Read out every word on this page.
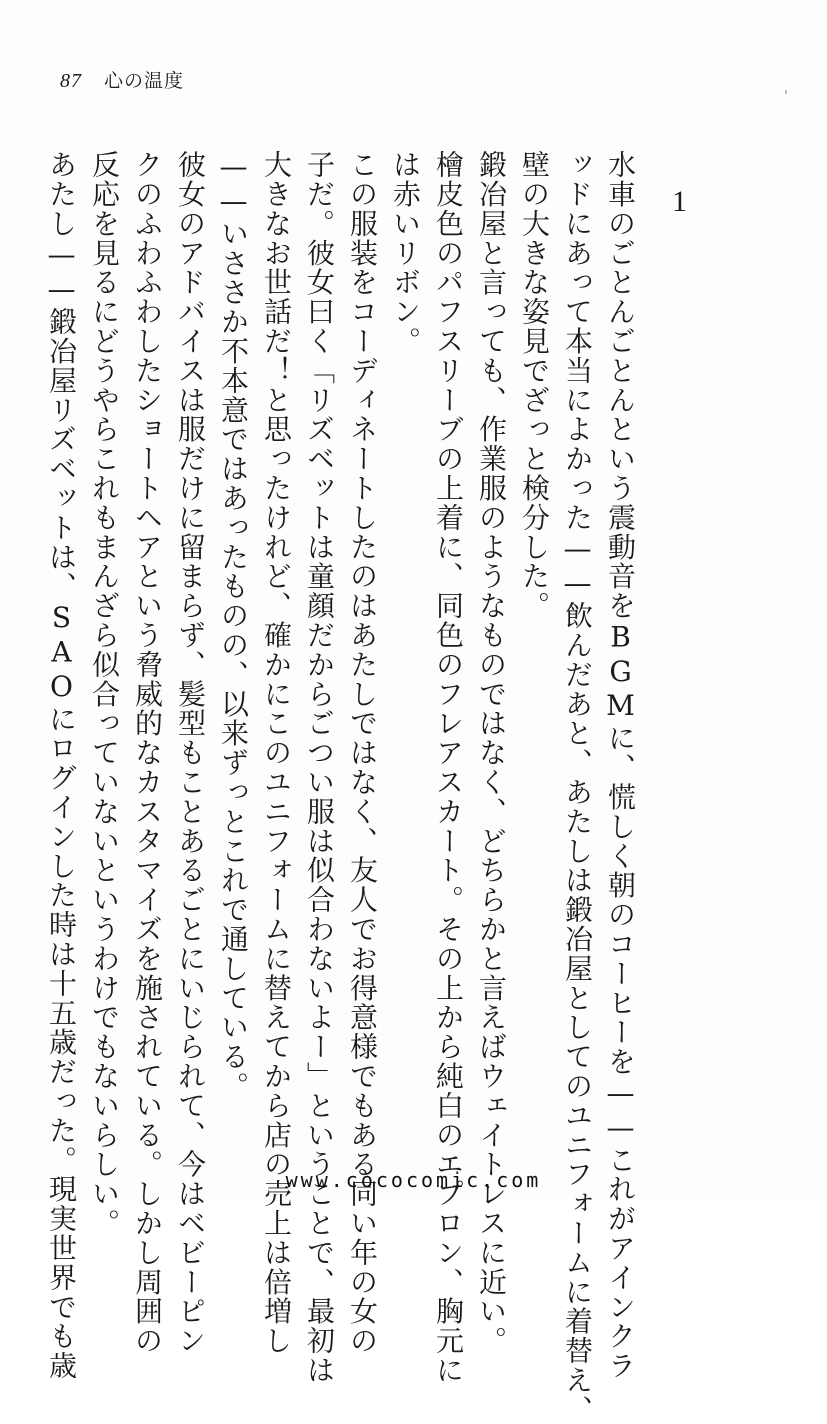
87 心の温度
1
水車のごとんごとんという震動音をBGMに、慌しく朝のコーヒーを——これがアインクラ
ッドにあって本当によかった——飲んだあと、あたしは鍛冶屋としてのユニフォームに着替え、
壁の大きな姿見でざっと検分した。
鍛冶屋と言っても、作業服のようなものではなく、どちらかと言えばウェイトレスに近い。
檜皮色のパフスリーブの上着に、同色のフレアスカート。その上から純白のエプロン、胸元に
は赤いリボン。
この服装をコーディネートしたのはあたしではなく、友人でお得意様でもある同い年の女の
子だ。彼女曰く「リズベットは童顔だからごつい服は似合わないよー」ということで、最初は
大きなお世話だ！と思ったけれど、確かにこのユニフォームに替えてから店の売上は倍増し
——いささか不本意ではあったものの、以来ずっとこれで通している。
彼女のアドバイスは服だけに留まらず、髪型もことあるごとにいじられて、今はベビーピン
クのふわふわしたショートヘアという脅威的なカスタマイズを施されている。しかし周囲の
反応を見るにどうやらこれもまんざら似合っていないというわけでもないらしい。
あたし——鍛冶屋リズベットは、SAOにログインした時は十五歳だった。現実世界でも歳	www.cococomic.com
